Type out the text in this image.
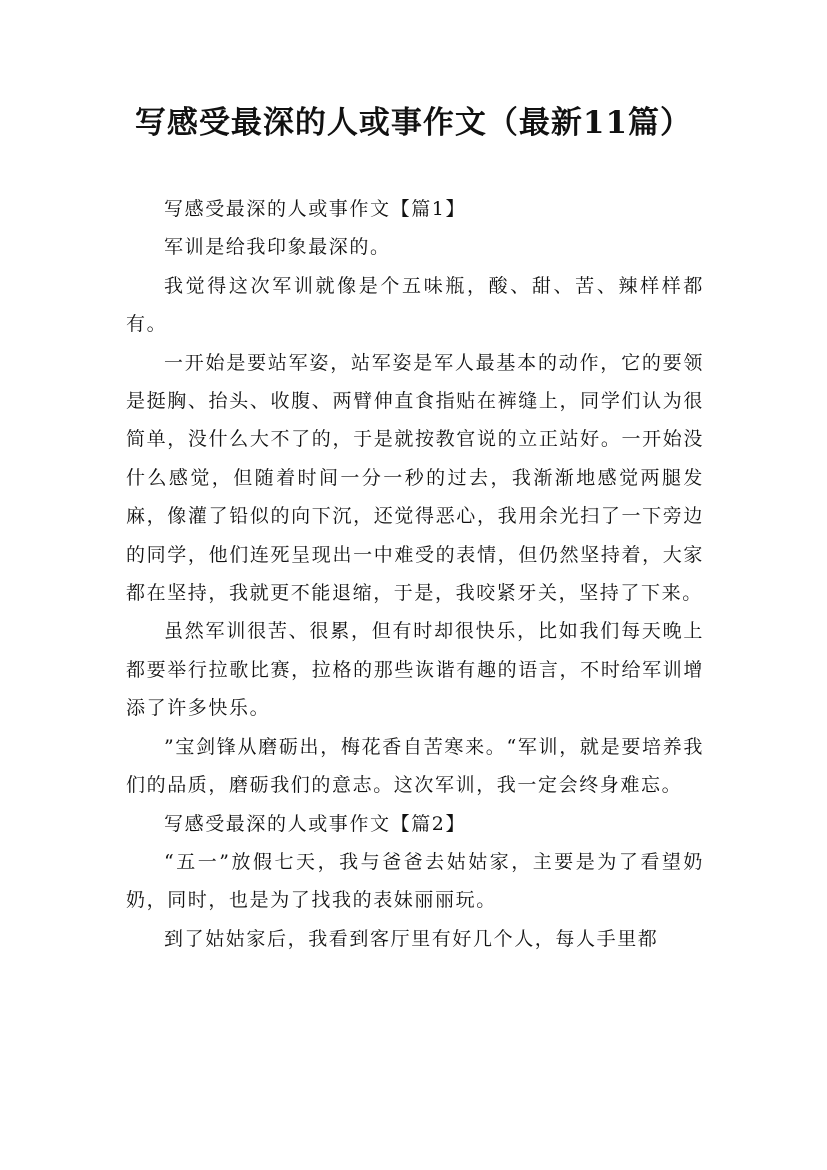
写感受最深的人或事作文（最新11篇）

写感受最深的人或事作文【篇1】

军训是给我印象最深的。

我觉得这次军训就像是个五味瓶，酸、甜、苦、辣样样都有。

一开始是要站军姿，站军姿是军人最基本的动作，它的要领是挺胸、抬头、收腹、两臂伸直食指贴在裤缝上，同学们认为很简单，没什么大不了的，于是就按教官说的立正站好。一开始没什么感觉，但随着时间一分一秒的过去，我渐渐地感觉两腿发麻，像灌了铅似的向下沉，还觉得恶心，我用余光扫了一下旁边的同学，他们连死呈现出一中难受的表情，但仍然坚持着，大家都在坚持，我就更不能退缩，于是，我咬紧牙关，坚持了下来。

虽然军训很苦、很累，但有时却很快乐，比如我们每天晚上都要举行拉歌比赛，拉格的那些诙谐有趣的语言，不时给军训增添了许多快乐。

”宝剑锋从磨砺出，梅花香自苦寒来。“军训，就是要培养我们的品质，磨砺我们的意志。这次军训，我一定会终身难忘。

写感受最深的人或事作文【篇2】

“五一”放假七天，我与爸爸去姑姑家，主要是为了看望奶奶，同时，也是为了找我的表妹丽丽玩。

到了姑姑家后，我看到客厅里有好几个人，每人手里都
